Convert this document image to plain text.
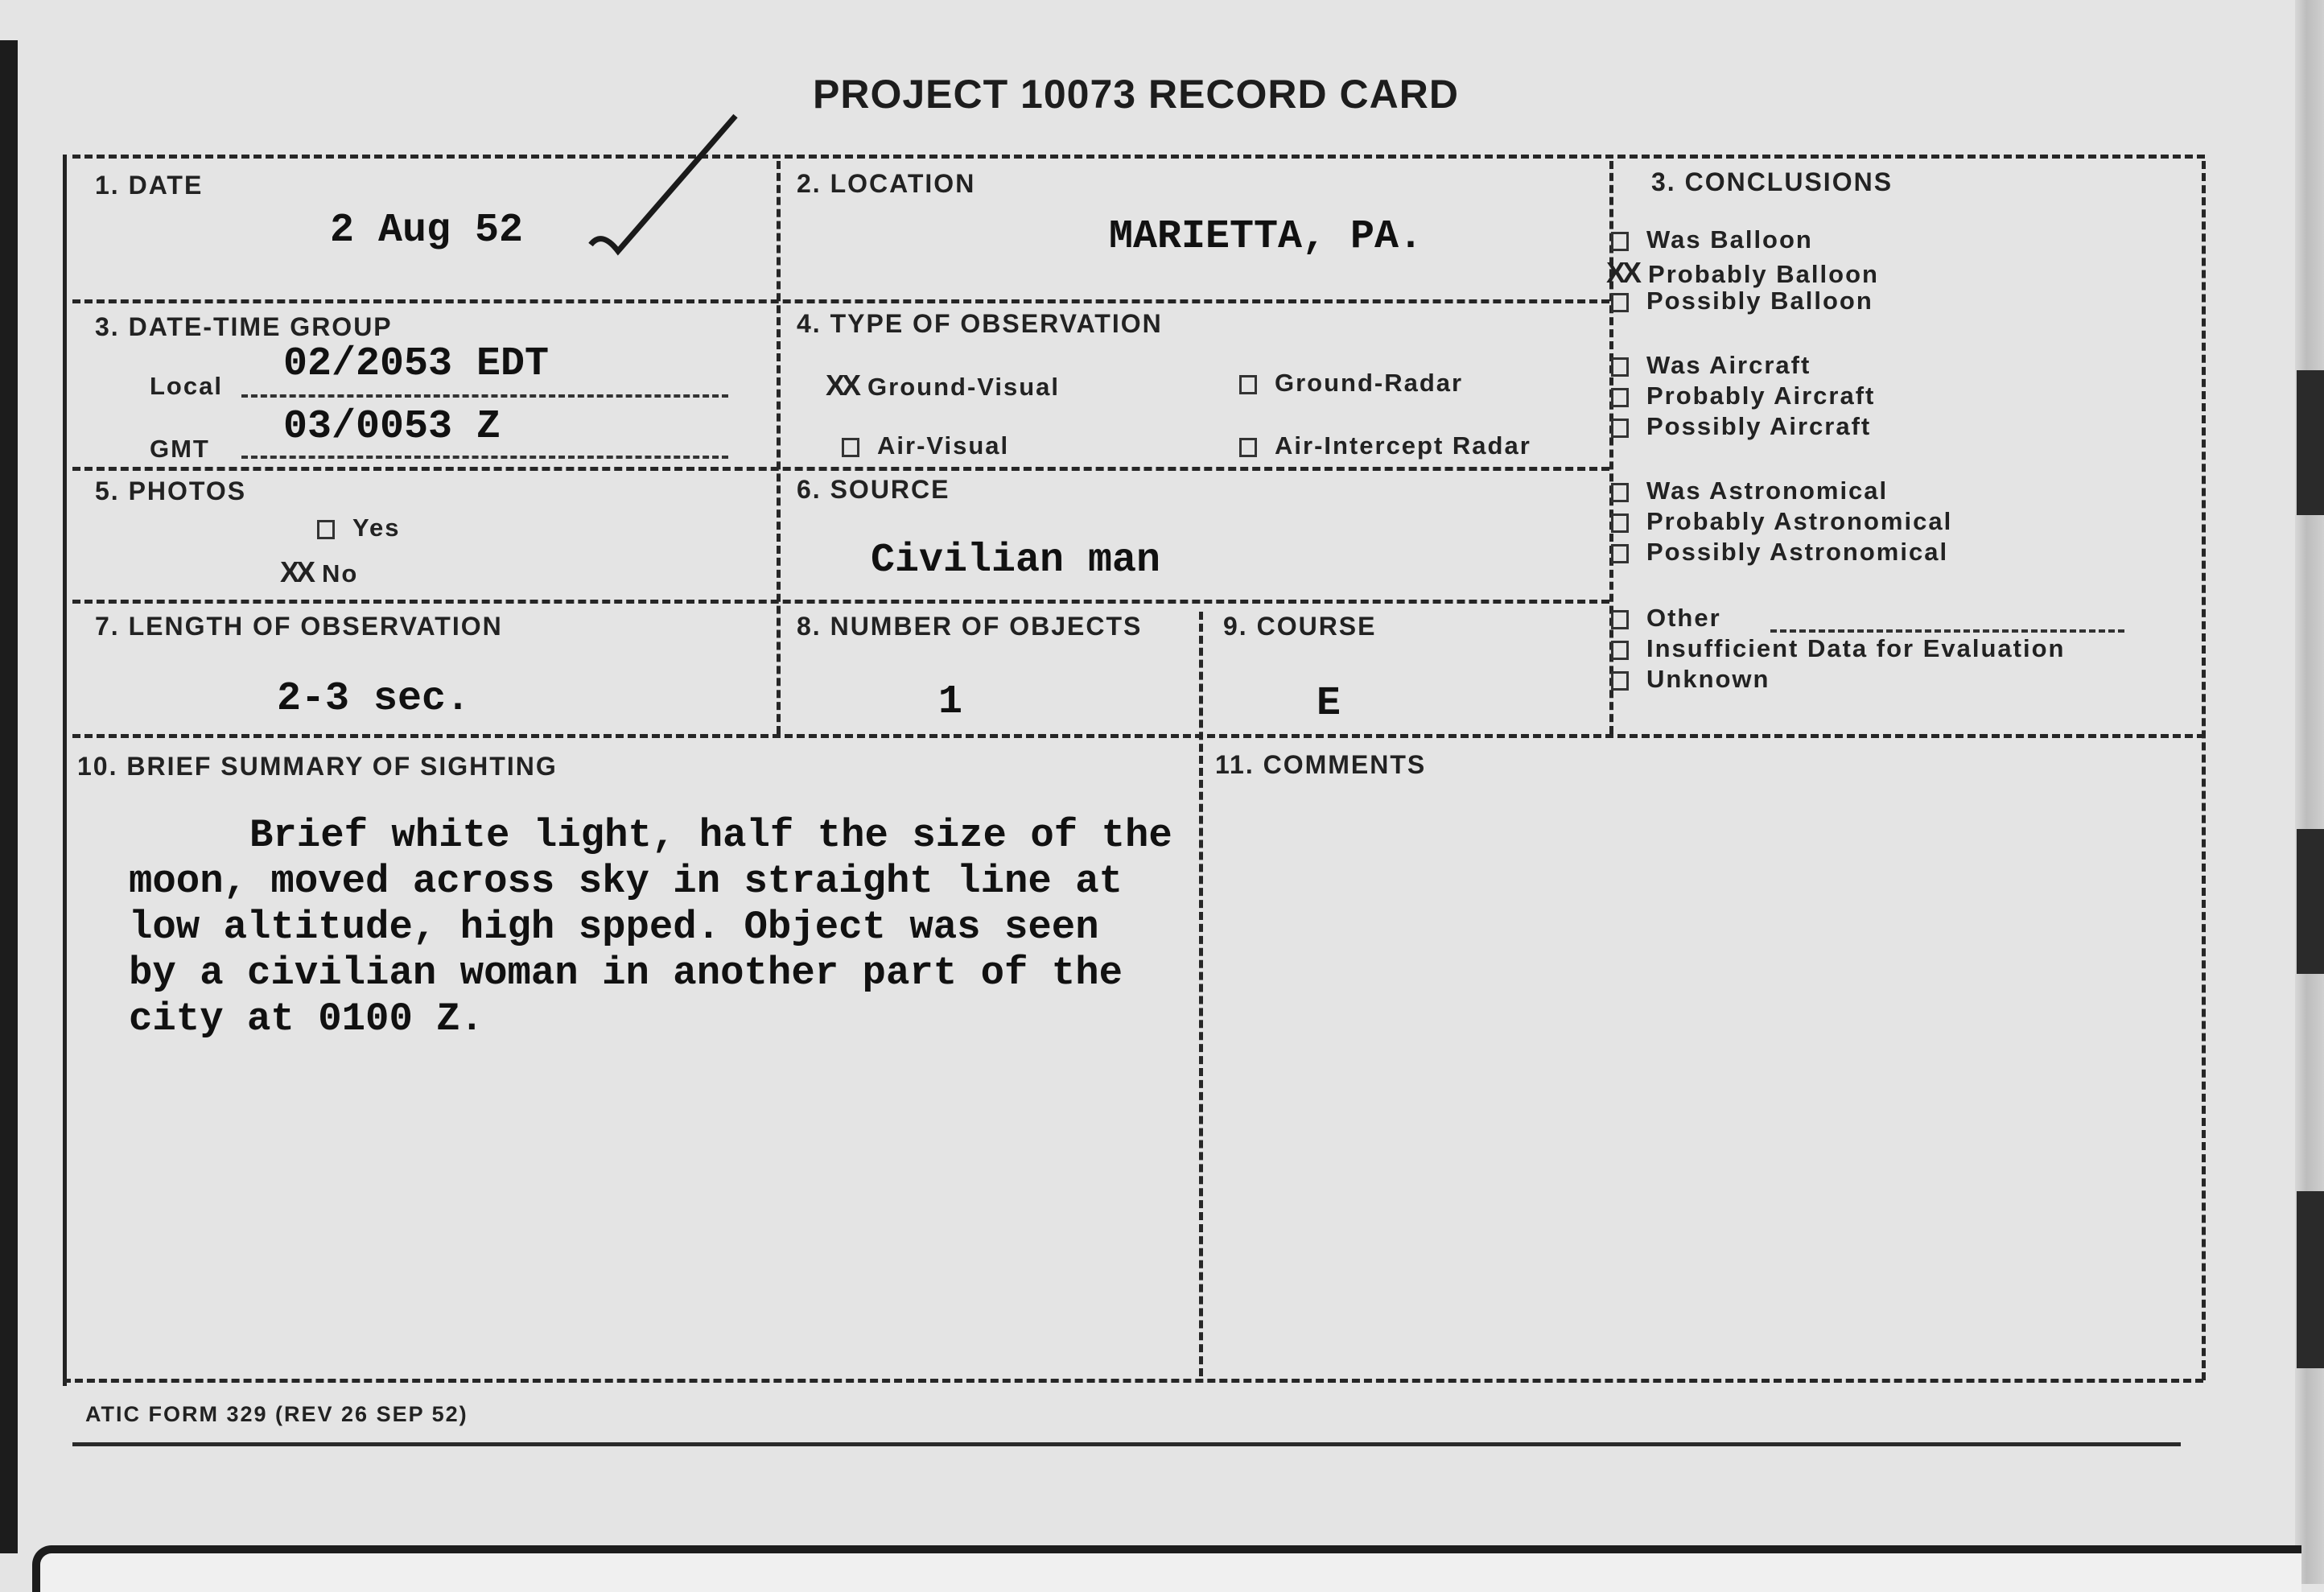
PROJECT 10073 RECORD CARD
1. DATE
2 Aug 52
2. LOCATION
MARIETTA, PA.
3. CONCLUSIONS
Was Balloon
XX Probably Balloon
Possibly Balloon
Was Aircraft
Probably Aircraft
Possibly Aircraft
Was Astronomical
Probably Astronomical
Possibly Astronomical
Other
Insufficient Data for Evaluation
Unknown
3. DATE-TIME GROUP
Local 02/2053 EDT
GMT 03/0053 Z
4. TYPE OF OBSERVATION
XX Ground-Visual	Ground-Radar
Air-Visual	Air-Intercept Radar
5. PHOTOS
Yes
XX No
6. SOURCE
Civilian man
7. LENGTH OF OBSERVATION
2-3 sec.
8. NUMBER OF OBJECTS
1
9. COURSE
E
10. BRIEF SUMMARY OF SIGHTING
Brief white light, half the size of the
moon, moved across sky in straight line at
low altitude, high spped. Object was seen
by a civilian woman in another part of the
city at 0100 Z.
11. COMMENTS
ATIC FORM 329 (REV 26 SEP 52)
